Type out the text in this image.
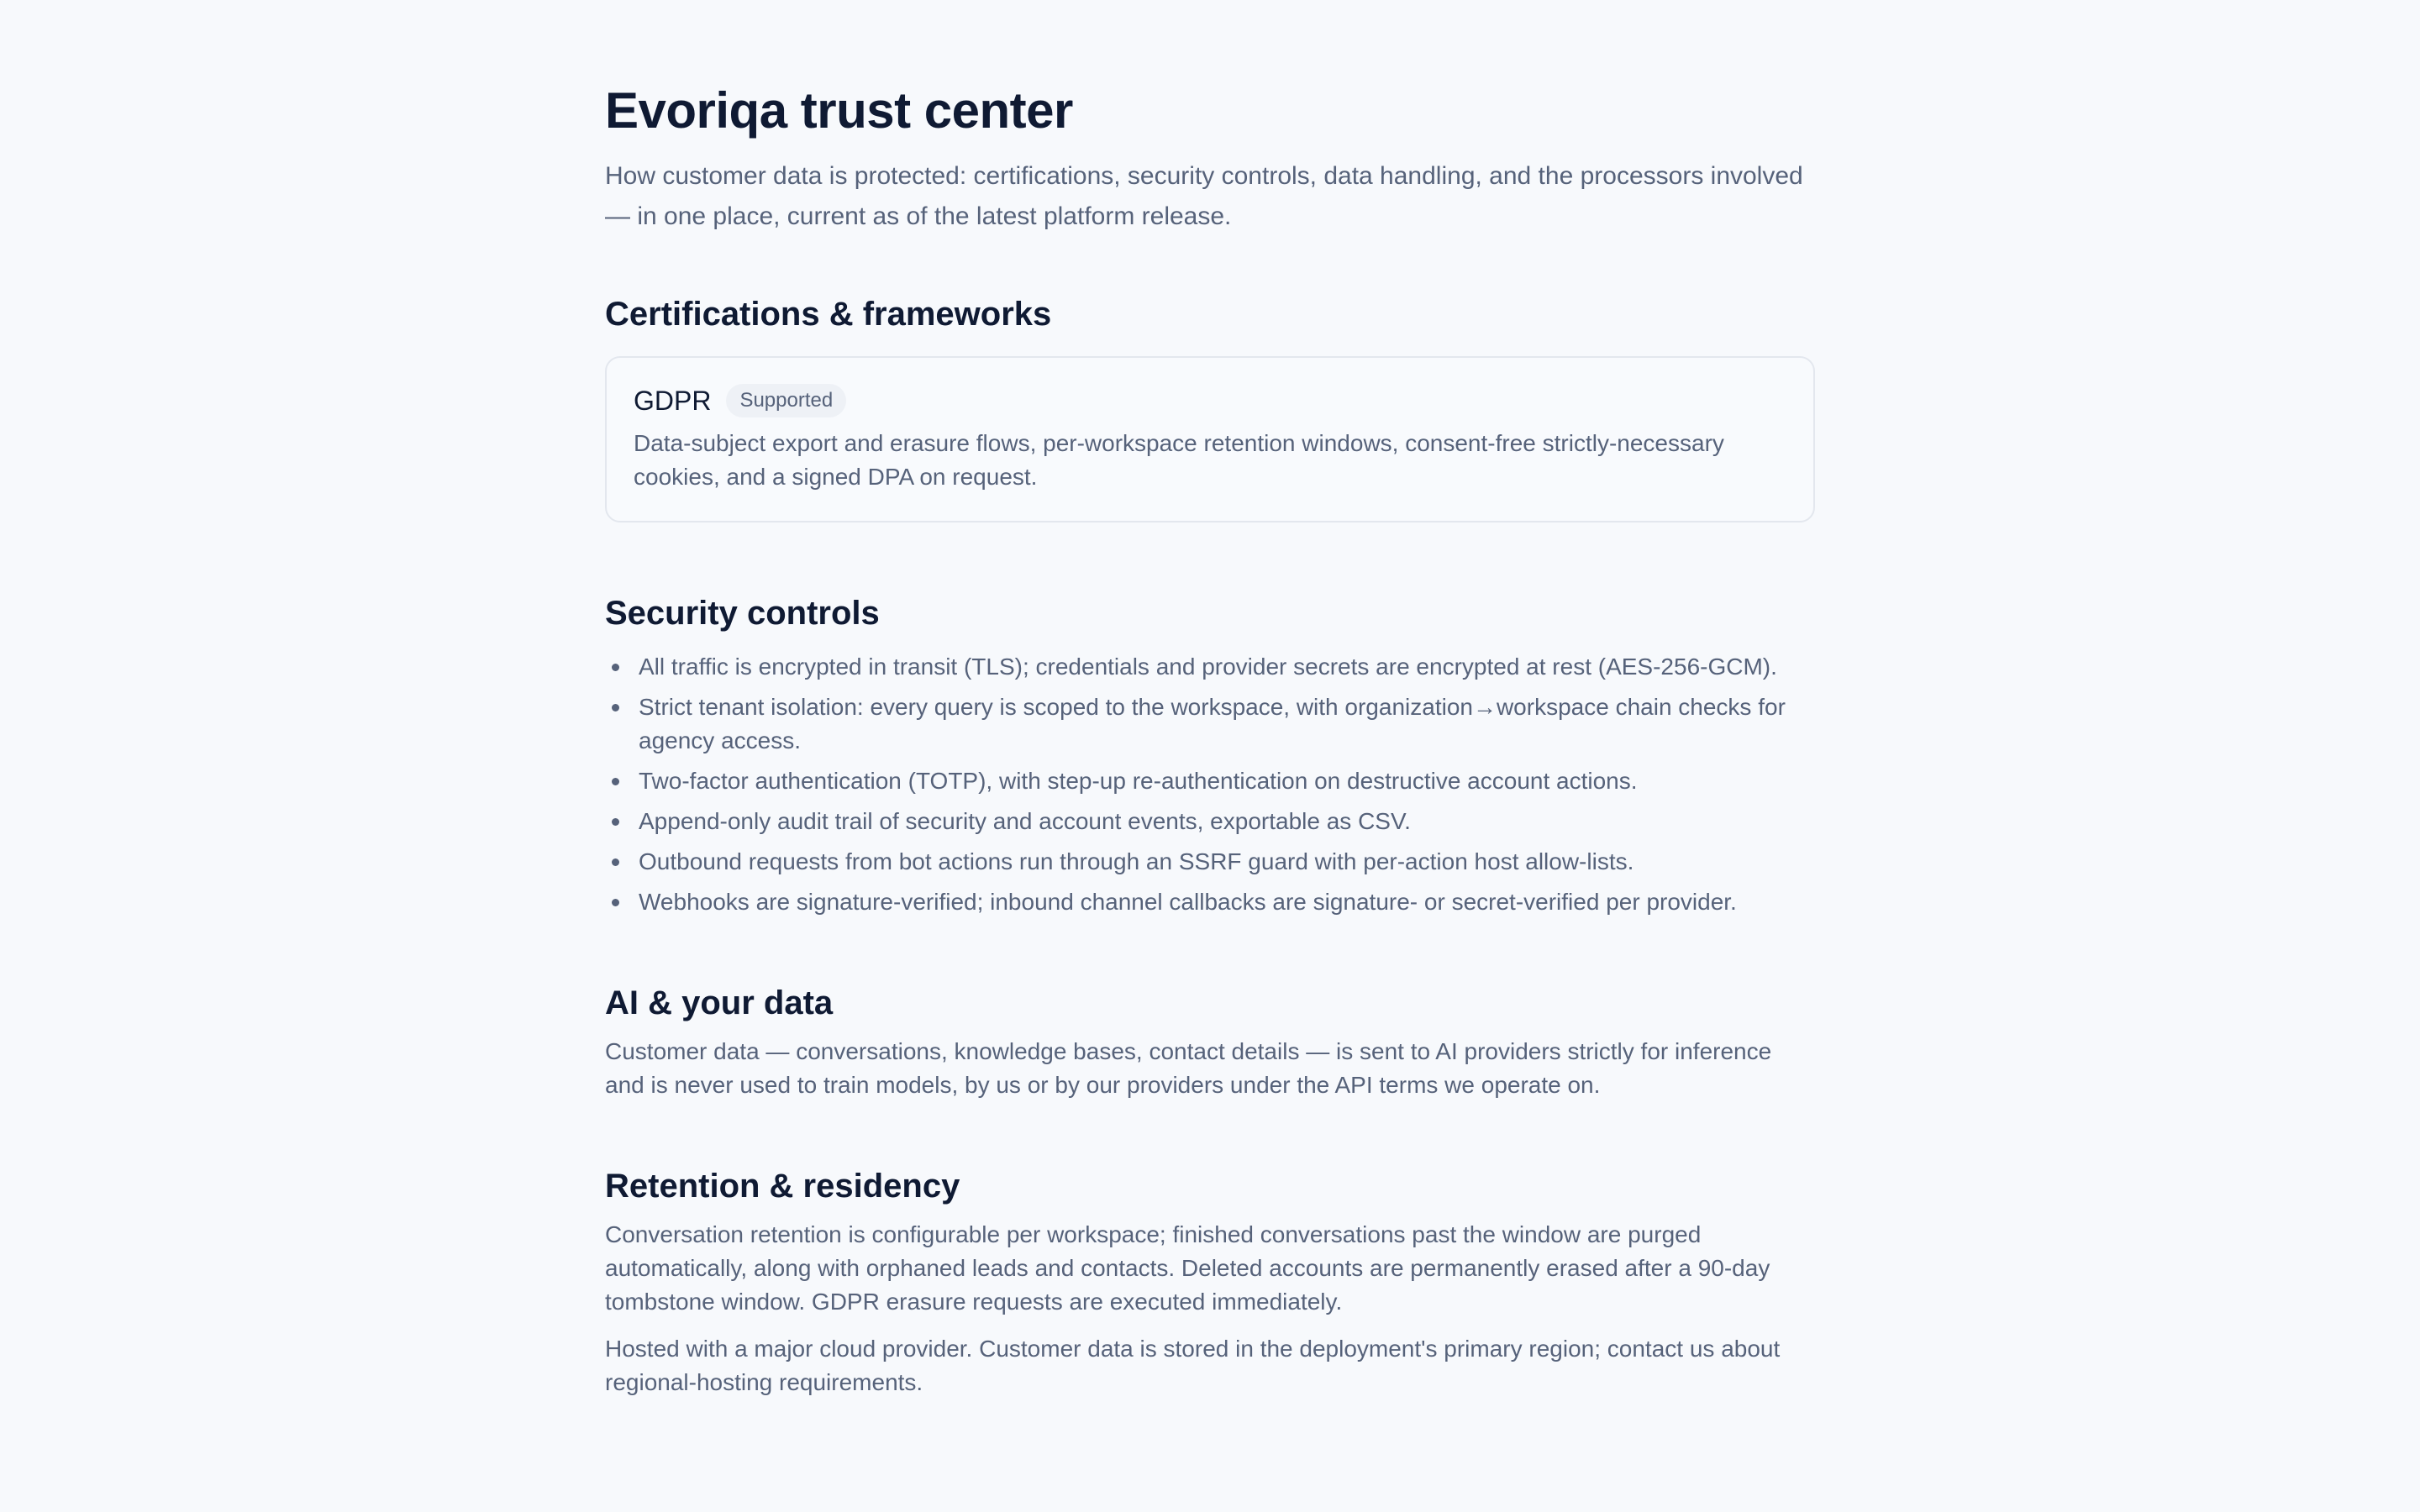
Evoriqa trust center

How customer data is protected: certifications, security controls, data handling, and the processors involved — in one place, current as of the latest platform release.

Certifications & frameworks
GDPR	Supported

Data-subject export and erasure flows, per-workspace retention windows, consent-free strictly-necessary cookies, and a signed DPA on request.

Security controls
All traffic is encrypted in transit (TLS); credentials and provider secrets are encrypted at rest (AES-256-GCM).
Strict tenant isolation: every query is scoped to the workspace, with organization→workspace chain checks for agency access.
Two-factor authentication (TOTP), with step-up re-authentication on destructive account actions.
Append-only audit trail of security and account events, exportable as CSV.
Outbound requests from bot actions run through an SSRF guard with per-action host allow-lists.
Webhooks are signature-verified; inbound channel callbacks are signature- or secret-verified per provider.
AI & your data

Customer data — conversations, knowledge bases, contact details — is sent to AI providers strictly for inference and is never used to train models, by us or by our providers under the API terms we operate on.

Retention & residency

Conversation retention is configurable per workspace; finished conversations past the window are purged automatically, along with orphaned leads and contacts. Deleted accounts are permanently erased after a 90-day tombstone window. GDPR erasure requests are executed immediately.

Hosted with a major cloud provider. Customer data is stored in the deployment's primary region; contact us about regional-hosting requirements.
